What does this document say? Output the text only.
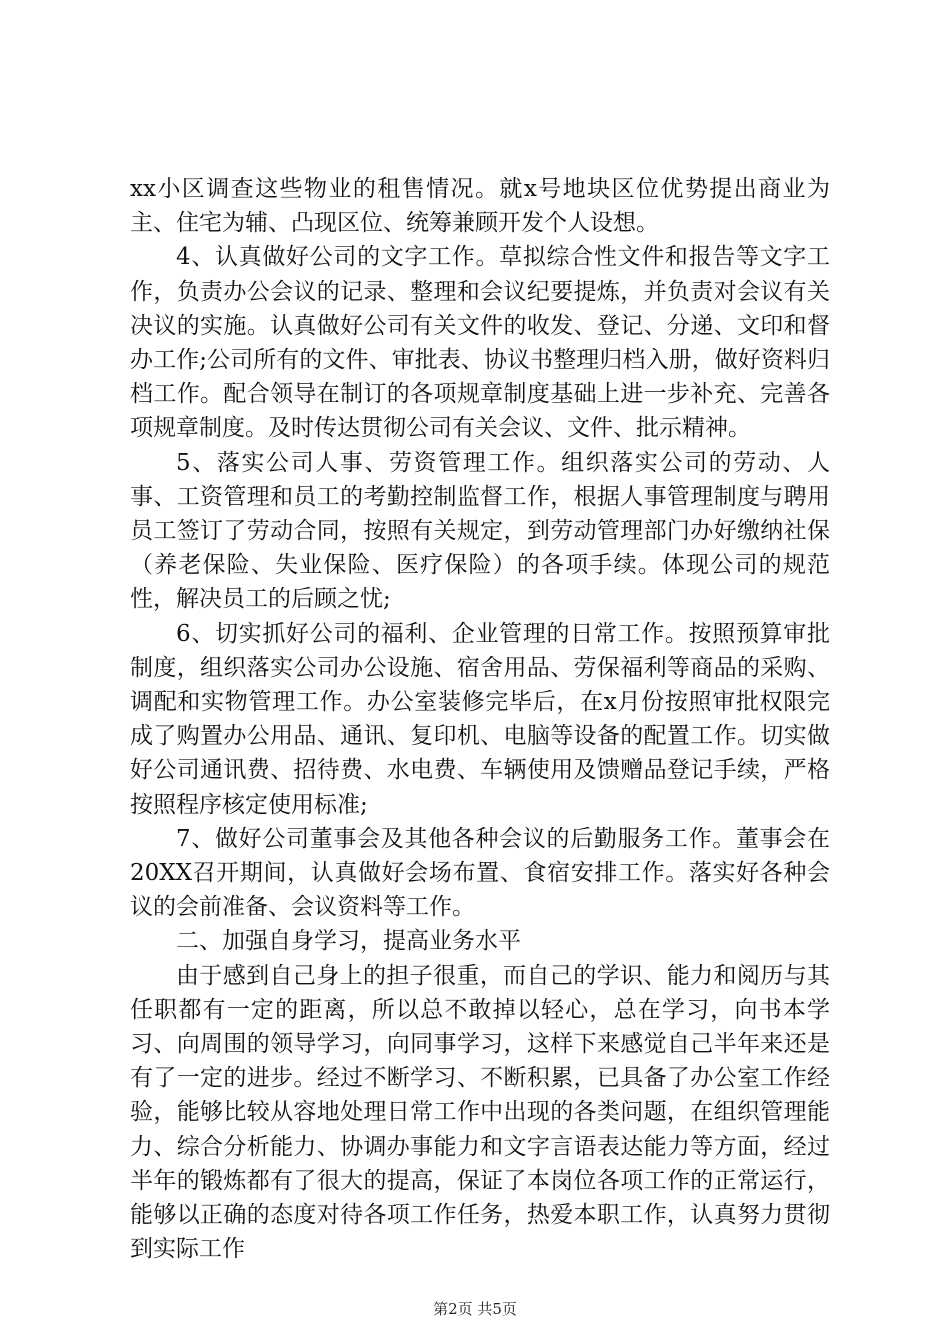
xx小区调查这些物业的租售情况。就x号地块区位优势提出商业为主、住宅为辅、凸现区位、统筹兼顾开发个人设想。

4、认真做好公司的文字工作。草拟综合性文件和报告等文字工作，负责办公会议的记录、整理和会议纪要提炼，并负责对会议有关决议的实施。认真做好公司有关文件的收发、登记、分递、文印和督办工作;公司所有的文件、审批表、协议书整理归档入册，做好资料归档工作。配合领导在制订的各项规章制度基础上进一步补充、完善各项规章制度。及时传达贯彻公司有关会议、文件、批示精神。

5、落实公司人事、劳资管理工作。组织落实公司的劳动、人事、工资管理和员工的考勤控制监督工作，根据人事管理制度与聘用员工签订了劳动合同，按照有关规定，到劳动管理部门办好缴纳社保（养老保险、失业保险、医疗保险）的各项手续。体现公司的规范性，解决员工的后顾之忧;

6、切实抓好公司的福利、企业管理的日常工作。按照预算审批制度，组织落实公司办公设施、宿舍用品、劳保福利等商品的采购、调配和实物管理工作。办公室装修完毕后，在x月份按照审批权限完成了购置办公用品、通讯、复印机、电脑等设备的配置工作。切实做好公司通讯费、招待费、水电费、车辆使用及馈赠品登记手续，严格按照程序核定使用标准;

7、做好公司董事会及其他各种会议的后勤服务工作。董事会在20XX召开期间，认真做好会场布置、食宿安排工作。落实好各种会议的会前准备、会议资料等工作。

二、加强自身学习，提高业务水平

由于感到自己身上的担子很重，而自己的学识、能力和阅历与其任职都有一定的距离，所以总不敢掉以轻心，总在学习，向书本学习、向周围的领导学习，向同事学习，这样下来感觉自己半年来还是有了一定的进步。经过不断学习、不断积累，已具备了办公室工作经验，能够比较从容地处理日常工作中出现的各类问题，在组织管理能力、综合分析能力、协调办事能力和文字言语表达能力等方面，经过半年的锻炼都有了很大的提高，保证了本岗位各项工作的正常运行，能够以正确的态度对待各项工作任务，热爱本职工作，认真努力贯彻到实际工作

第2页 共5页
